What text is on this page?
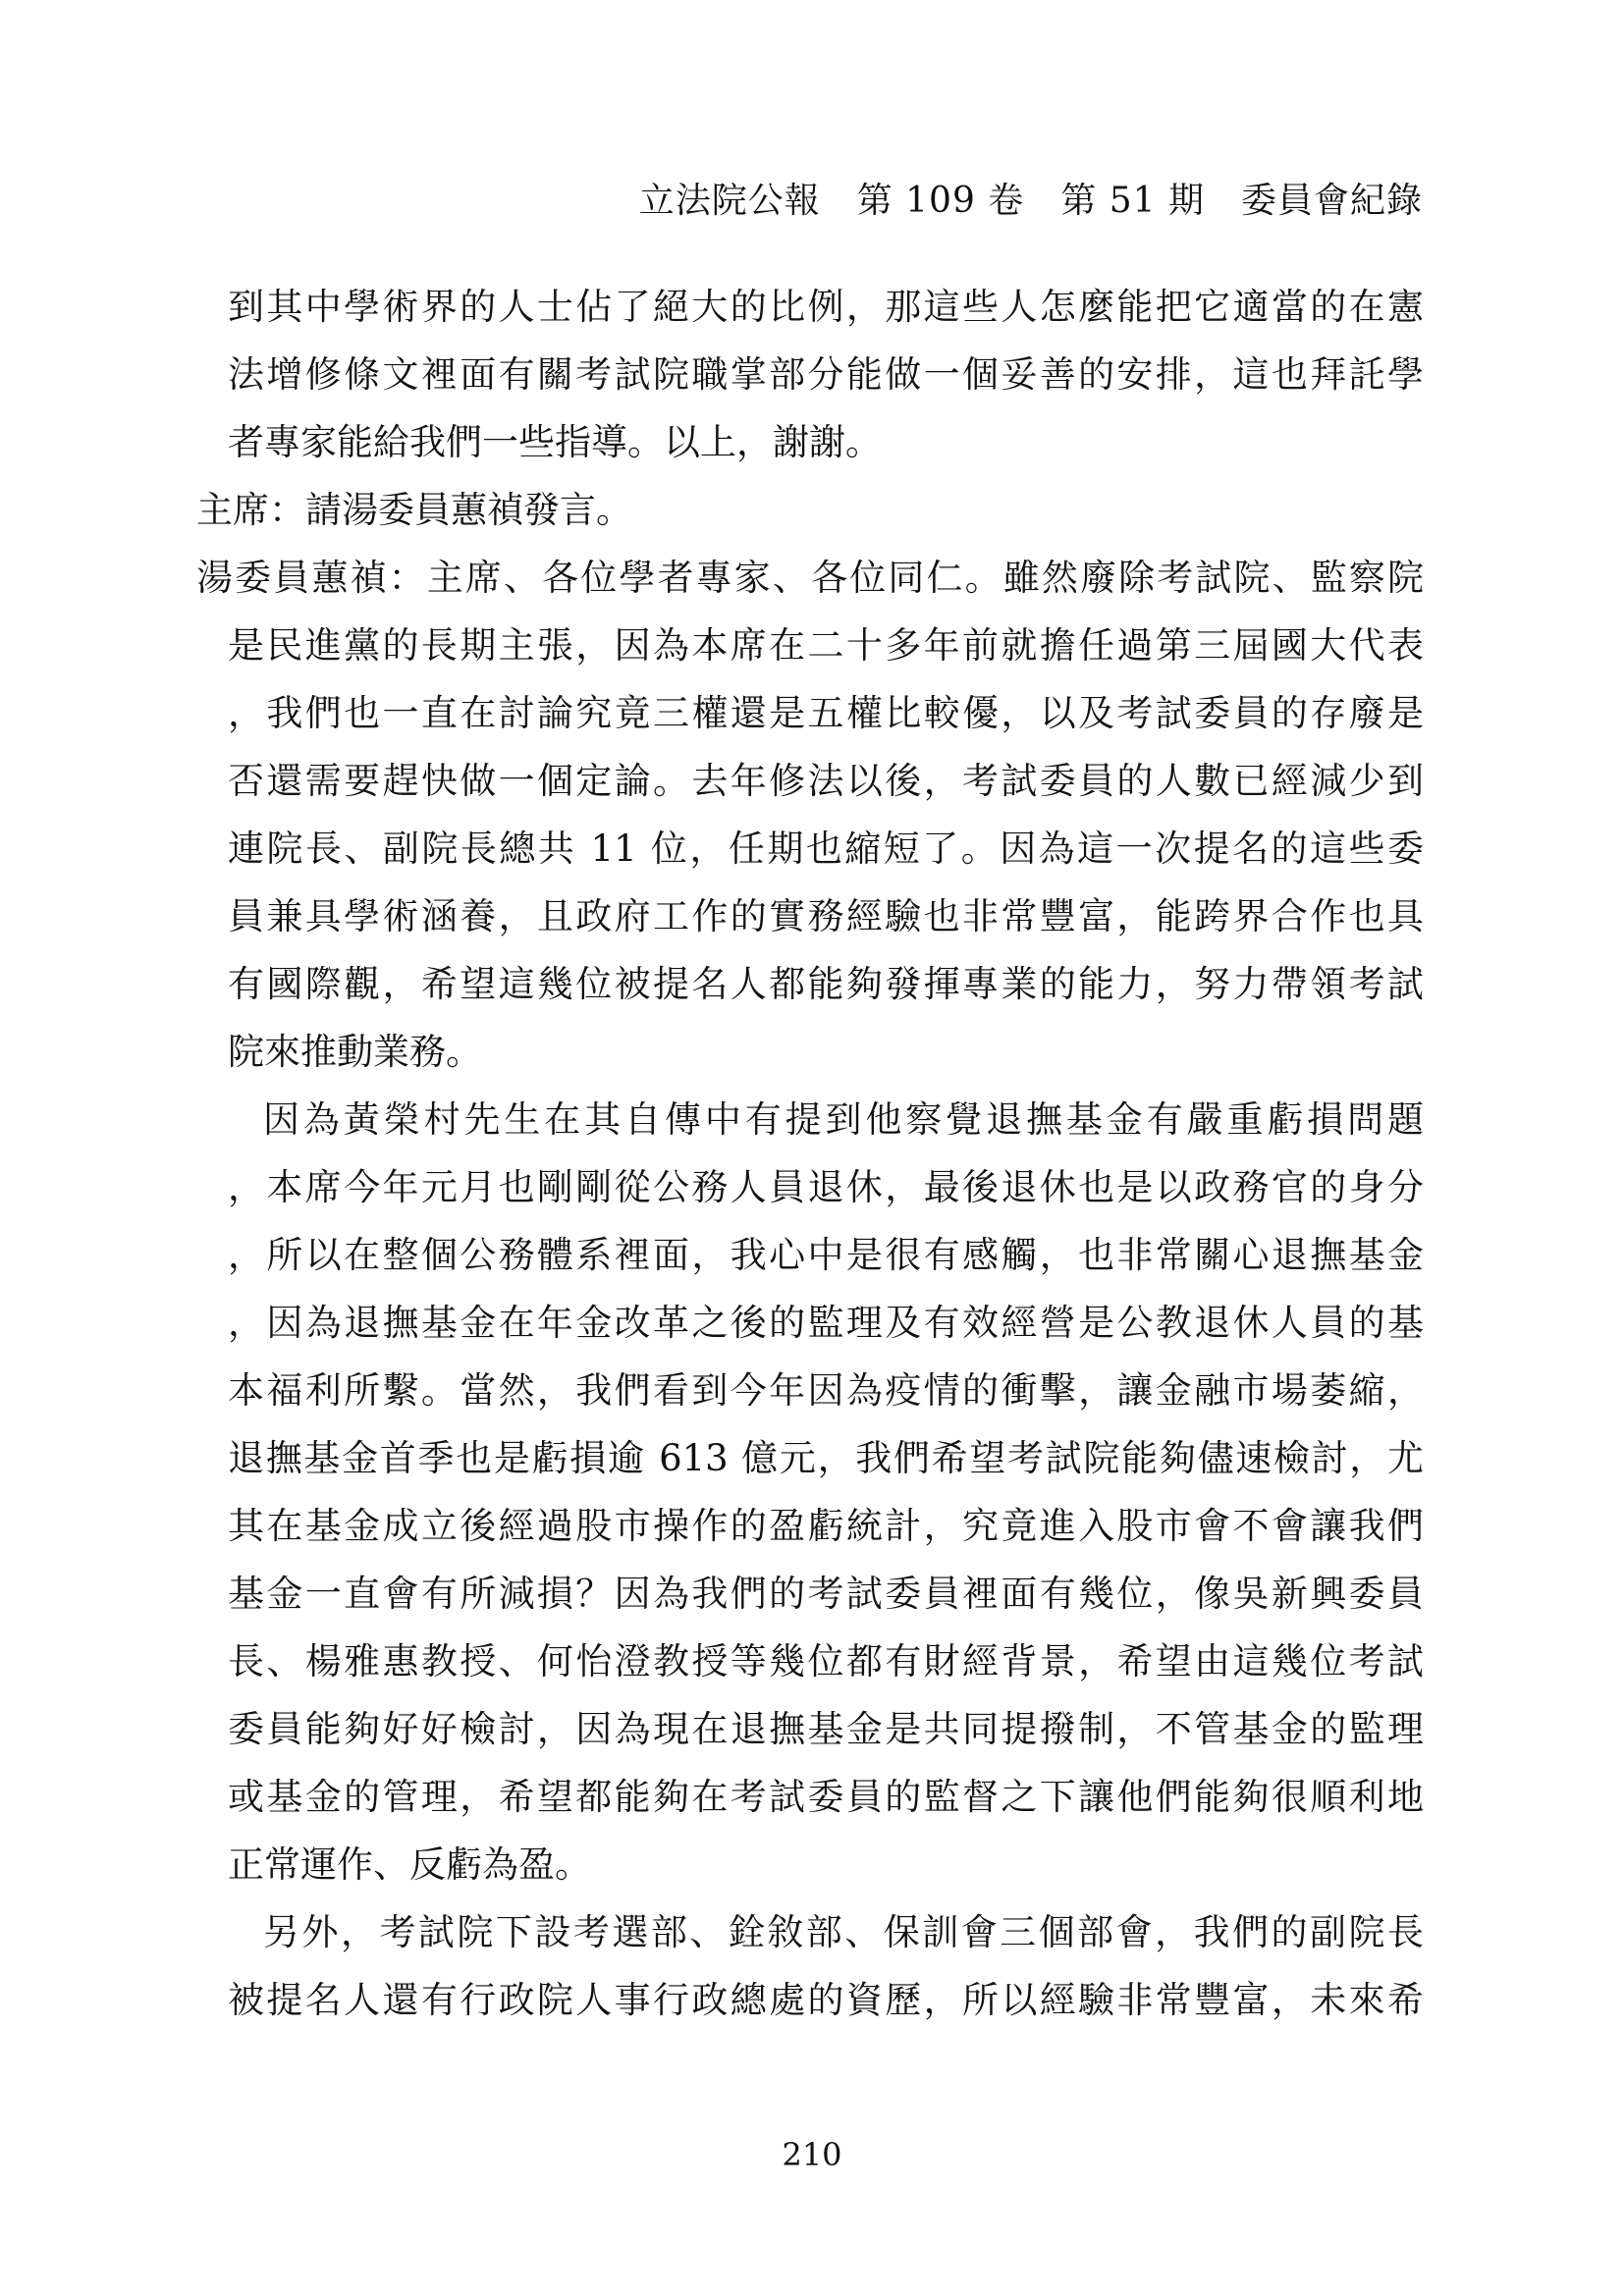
立法院公報　第 109 卷　第 51 期　委員會紀錄
到其中學術界的人士佔了絕大的比例，那這些人怎麼能把它適當的在憲
法增修條文裡面有關考試院職掌部分能做一個妥善的安排，這也拜託學
者專家能給我們一些指導。以上，謝謝。
主席：請湯委員蕙禎發言。
湯委員蕙禎：主席、各位學者專家、各位同仁。雖然廢除考試院、監察院
是民進黨的長期主張，因為本席在二十多年前就擔任過第三屆國大代表
，我們也一直在討論究竟三權還是五權比較優，以及考試委員的存廢是
否還需要趕快做一個定論。去年修法以後，考試委員的人數已經減少到
連院長、副院長總共 11 位，任期也縮短了。因為這一次提名的這些委
員兼具學術涵養，且政府工作的實務經驗也非常豐富，能跨界合作也具
有國際觀，希望這幾位被提名人都能夠發揮專業的能力，努力帶領考試
院來推動業務。
因為黃榮村先生在其自傳中有提到他察覺退撫基金有嚴重虧損問題
，本席今年元月也剛剛從公務人員退休，最後退休也是以政務官的身分
，所以在整個公務體系裡面，我心中是很有感觸，也非常關心退撫基金
，因為退撫基金在年金改革之後的監理及有效經營是公教退休人員的基
本福利所繫。當然，我們看到今年因為疫情的衝擊，讓金融市場萎縮，
退撫基金首季也是虧損逾 613 億元，我們希望考試院能夠儘速檢討，尤
其在基金成立後經過股市操作的盈虧統計，究竟進入股市會不會讓我們
基金一直會有所減損？因為我們的考試委員裡面有幾位，像吳新興委員
長、楊雅惠教授、何怡澄教授等幾位都有財經背景，希望由這幾位考試
委員能夠好好檢討，因為現在退撫基金是共同提撥制，不管基金的監理
或基金的管理，希望都能夠在考試委員的監督之下讓他們能夠很順利地
正常運作、反虧為盈。
另外，考試院下設考選部、銓敘部、保訓會三個部會，我們的副院長
被提名人還有行政院人事行政總處的資歷，所以經驗非常豐富，未來希
210
